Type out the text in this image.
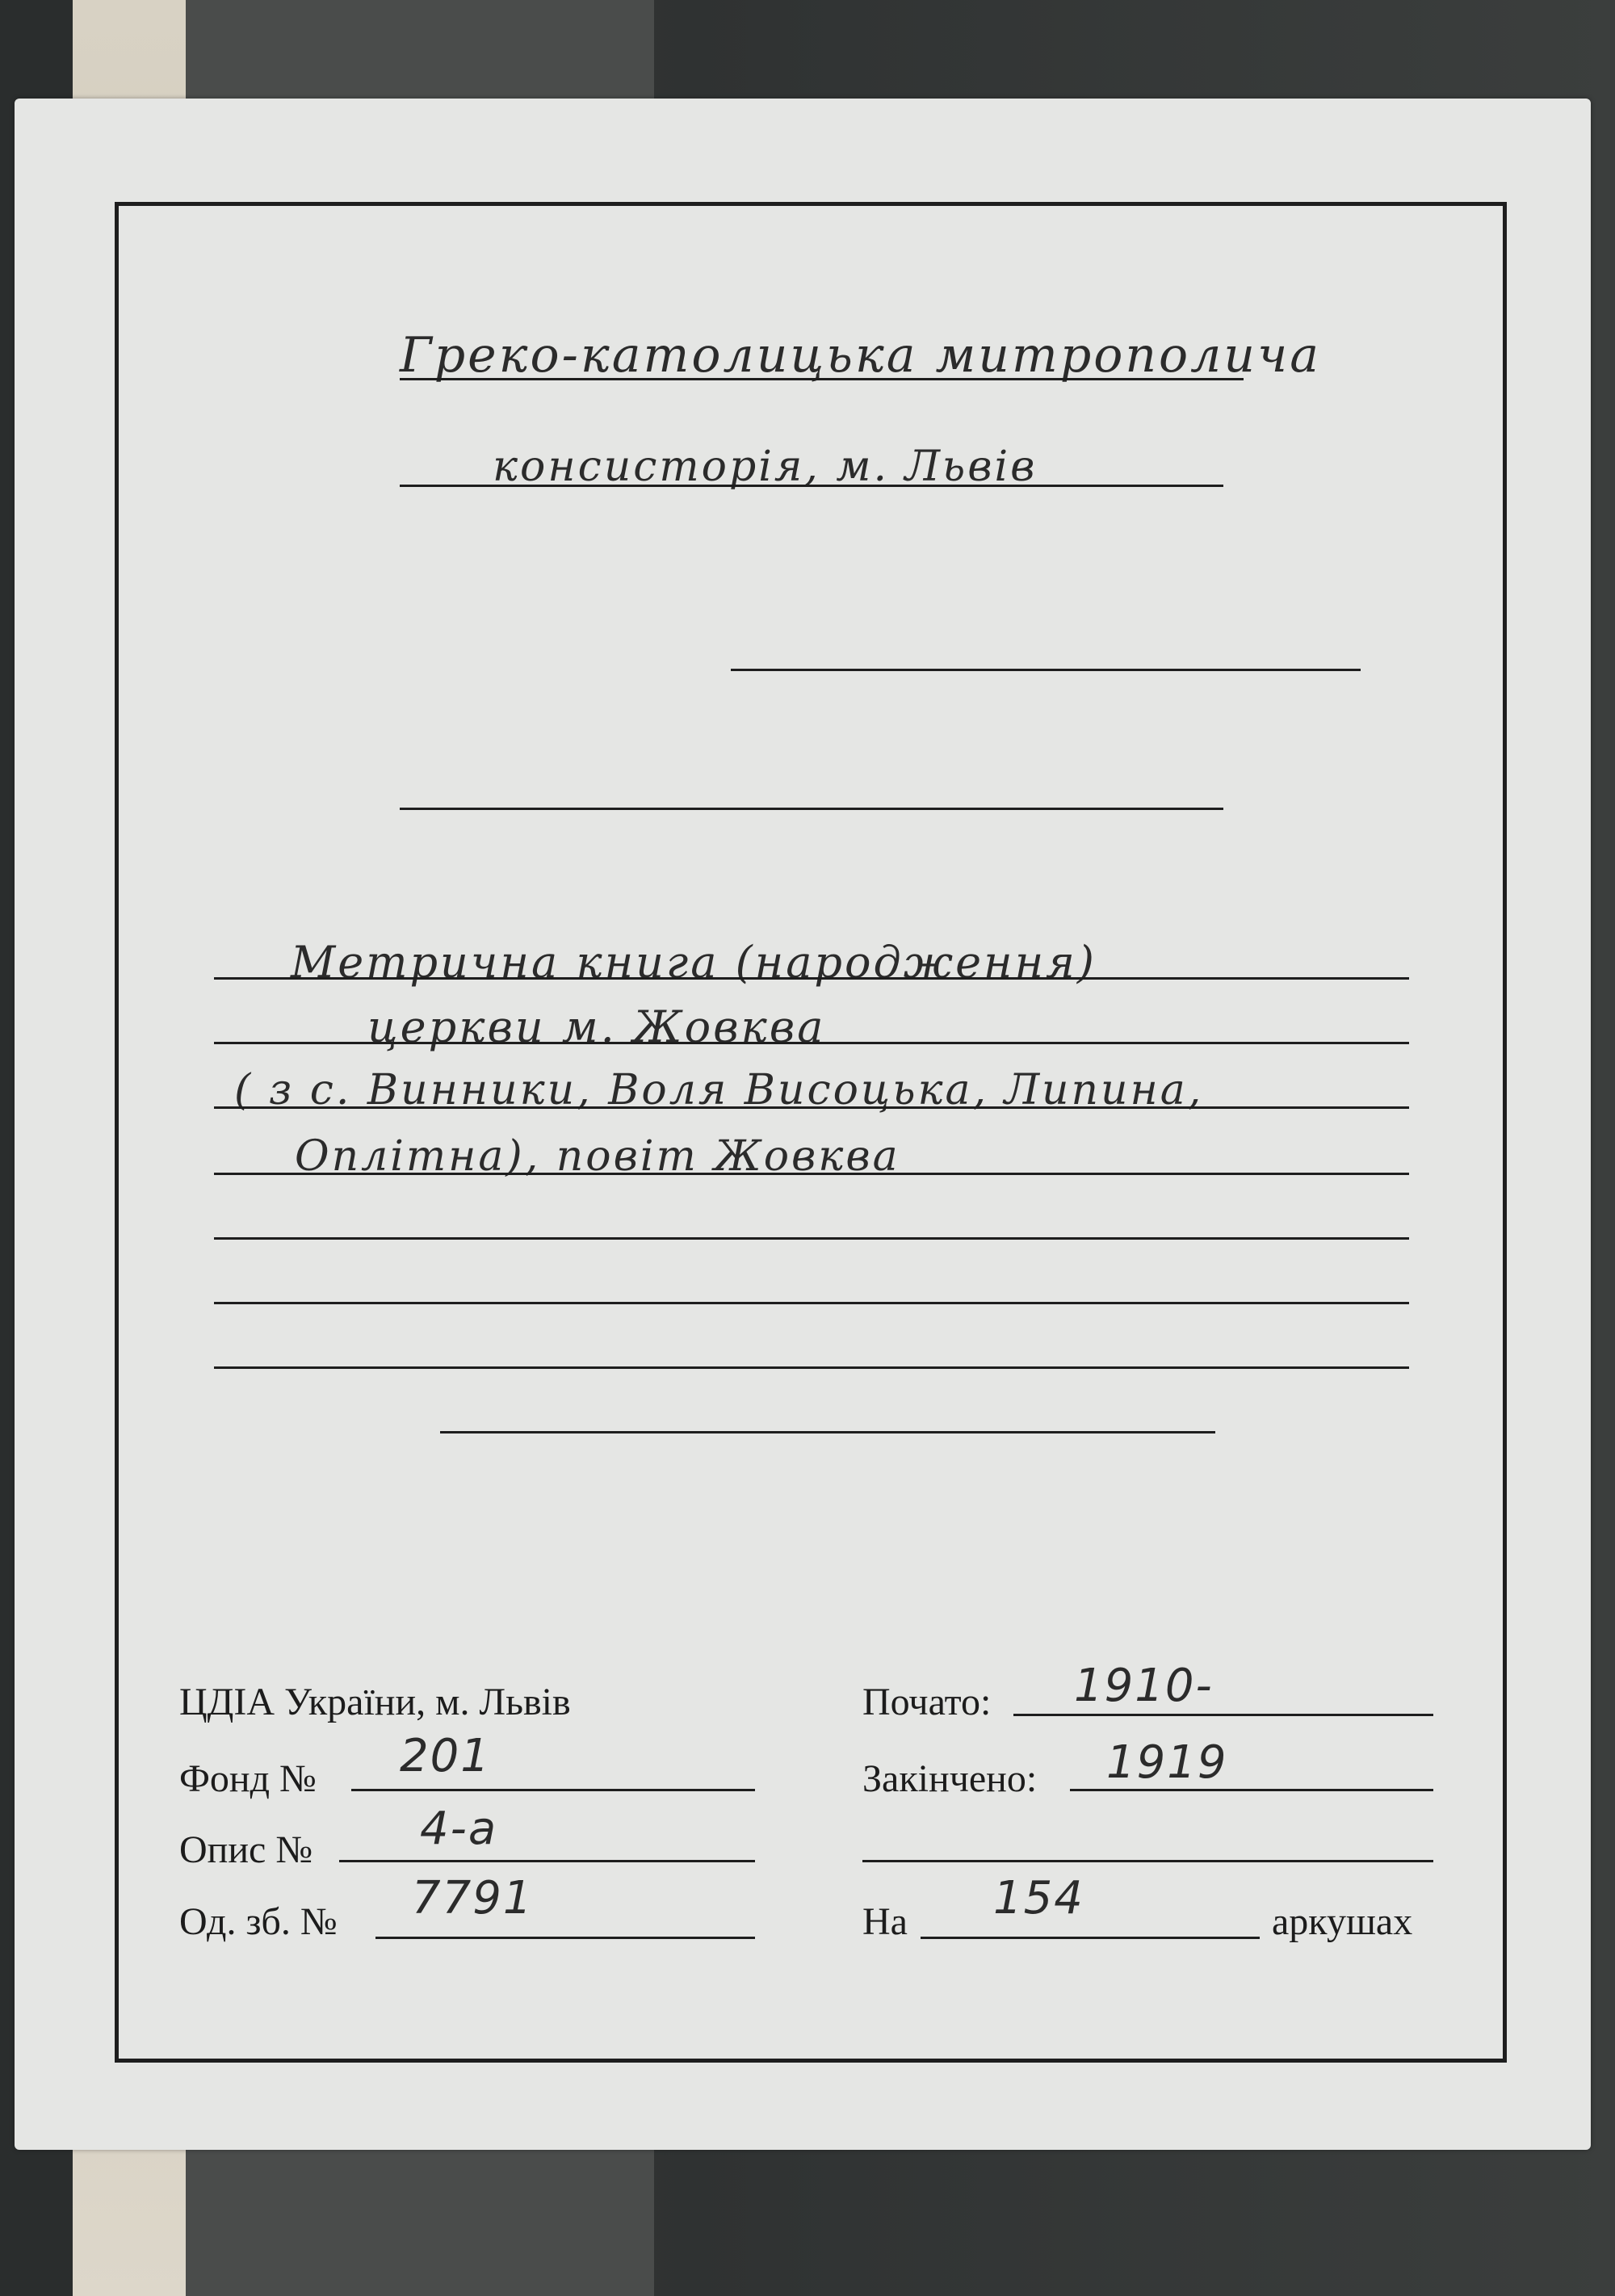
Греко-католицька митрополича
консисторія, м. Львів
Метрична книга (народження)
церкви м. Жовква
( з с. Винники, Воля Висоцька, Липина,
Оплітна), повіт Жовква
ЦДІА України, м. Львів
Фонд № 201
Опис № 4-а
Од. зб. № 7791
Почато: 1910-
Закінчено: 1919
На 154	аркушах
